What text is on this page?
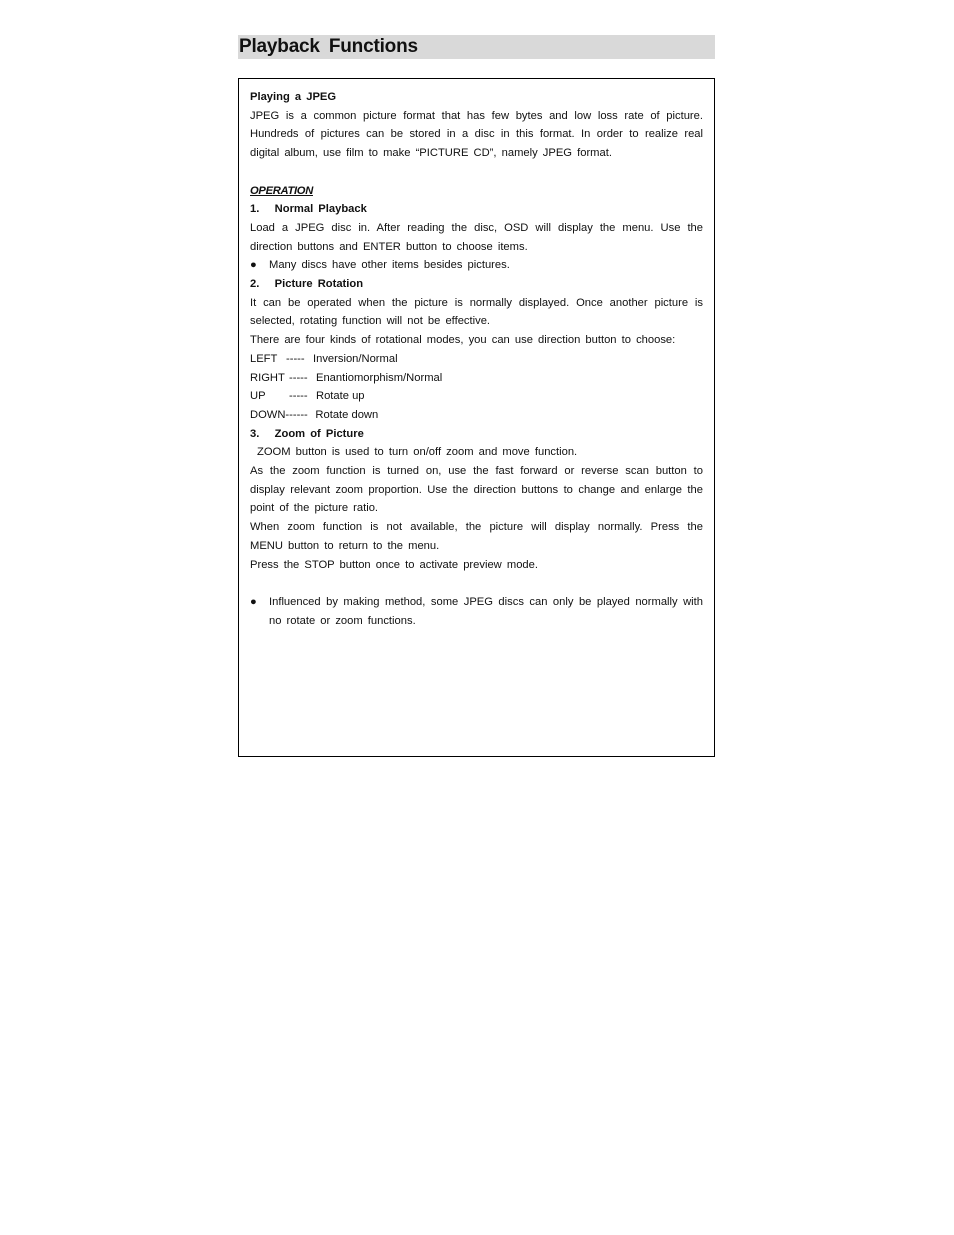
Playback Functions

Playing a JPEG

JPEG is a common picture format that has few bytes and low loss rate of picture. Hundreds of pictures can be stored in a disc in this format. In order to realize real digital album, use film to make “PICTURE CD”, namely JPEG format.

OPERATION

1.   Normal Playback

Load a JPEG disc in. After reading the disc, OSD will display the menu. Use the direction buttons and ENTER button to choose items.

●	Many discs have other items besides pictures.

2.   Picture Rotation

It can be operated when the picture is normally displayed. Once another picture is selected, rotating function will not be effective.

There are four kinds of rotational modes, you can use direction button to choose:

LEFT ----- Inversion/Normal
RIGHT ----- Enantiomorphism/Normal
UP	----- Rotate up
DOWN ------ Rotate down

3.   Zoom of Picture

ZOOM button is used to turn on/off zoom and move function.

As the zoom function is turned on, use the fast forward or reverse scan button to display relevant zoom proportion. Use the direction buttons to change and enlarge the point of the picture ratio.

When zoom function is not available, the picture will display normally. Press the MENU button to return to the menu.

Press the STOP button once to activate preview mode.

●	Influenced by making method, some JPEG discs can only be played normally with no rotate or zoom functions.
